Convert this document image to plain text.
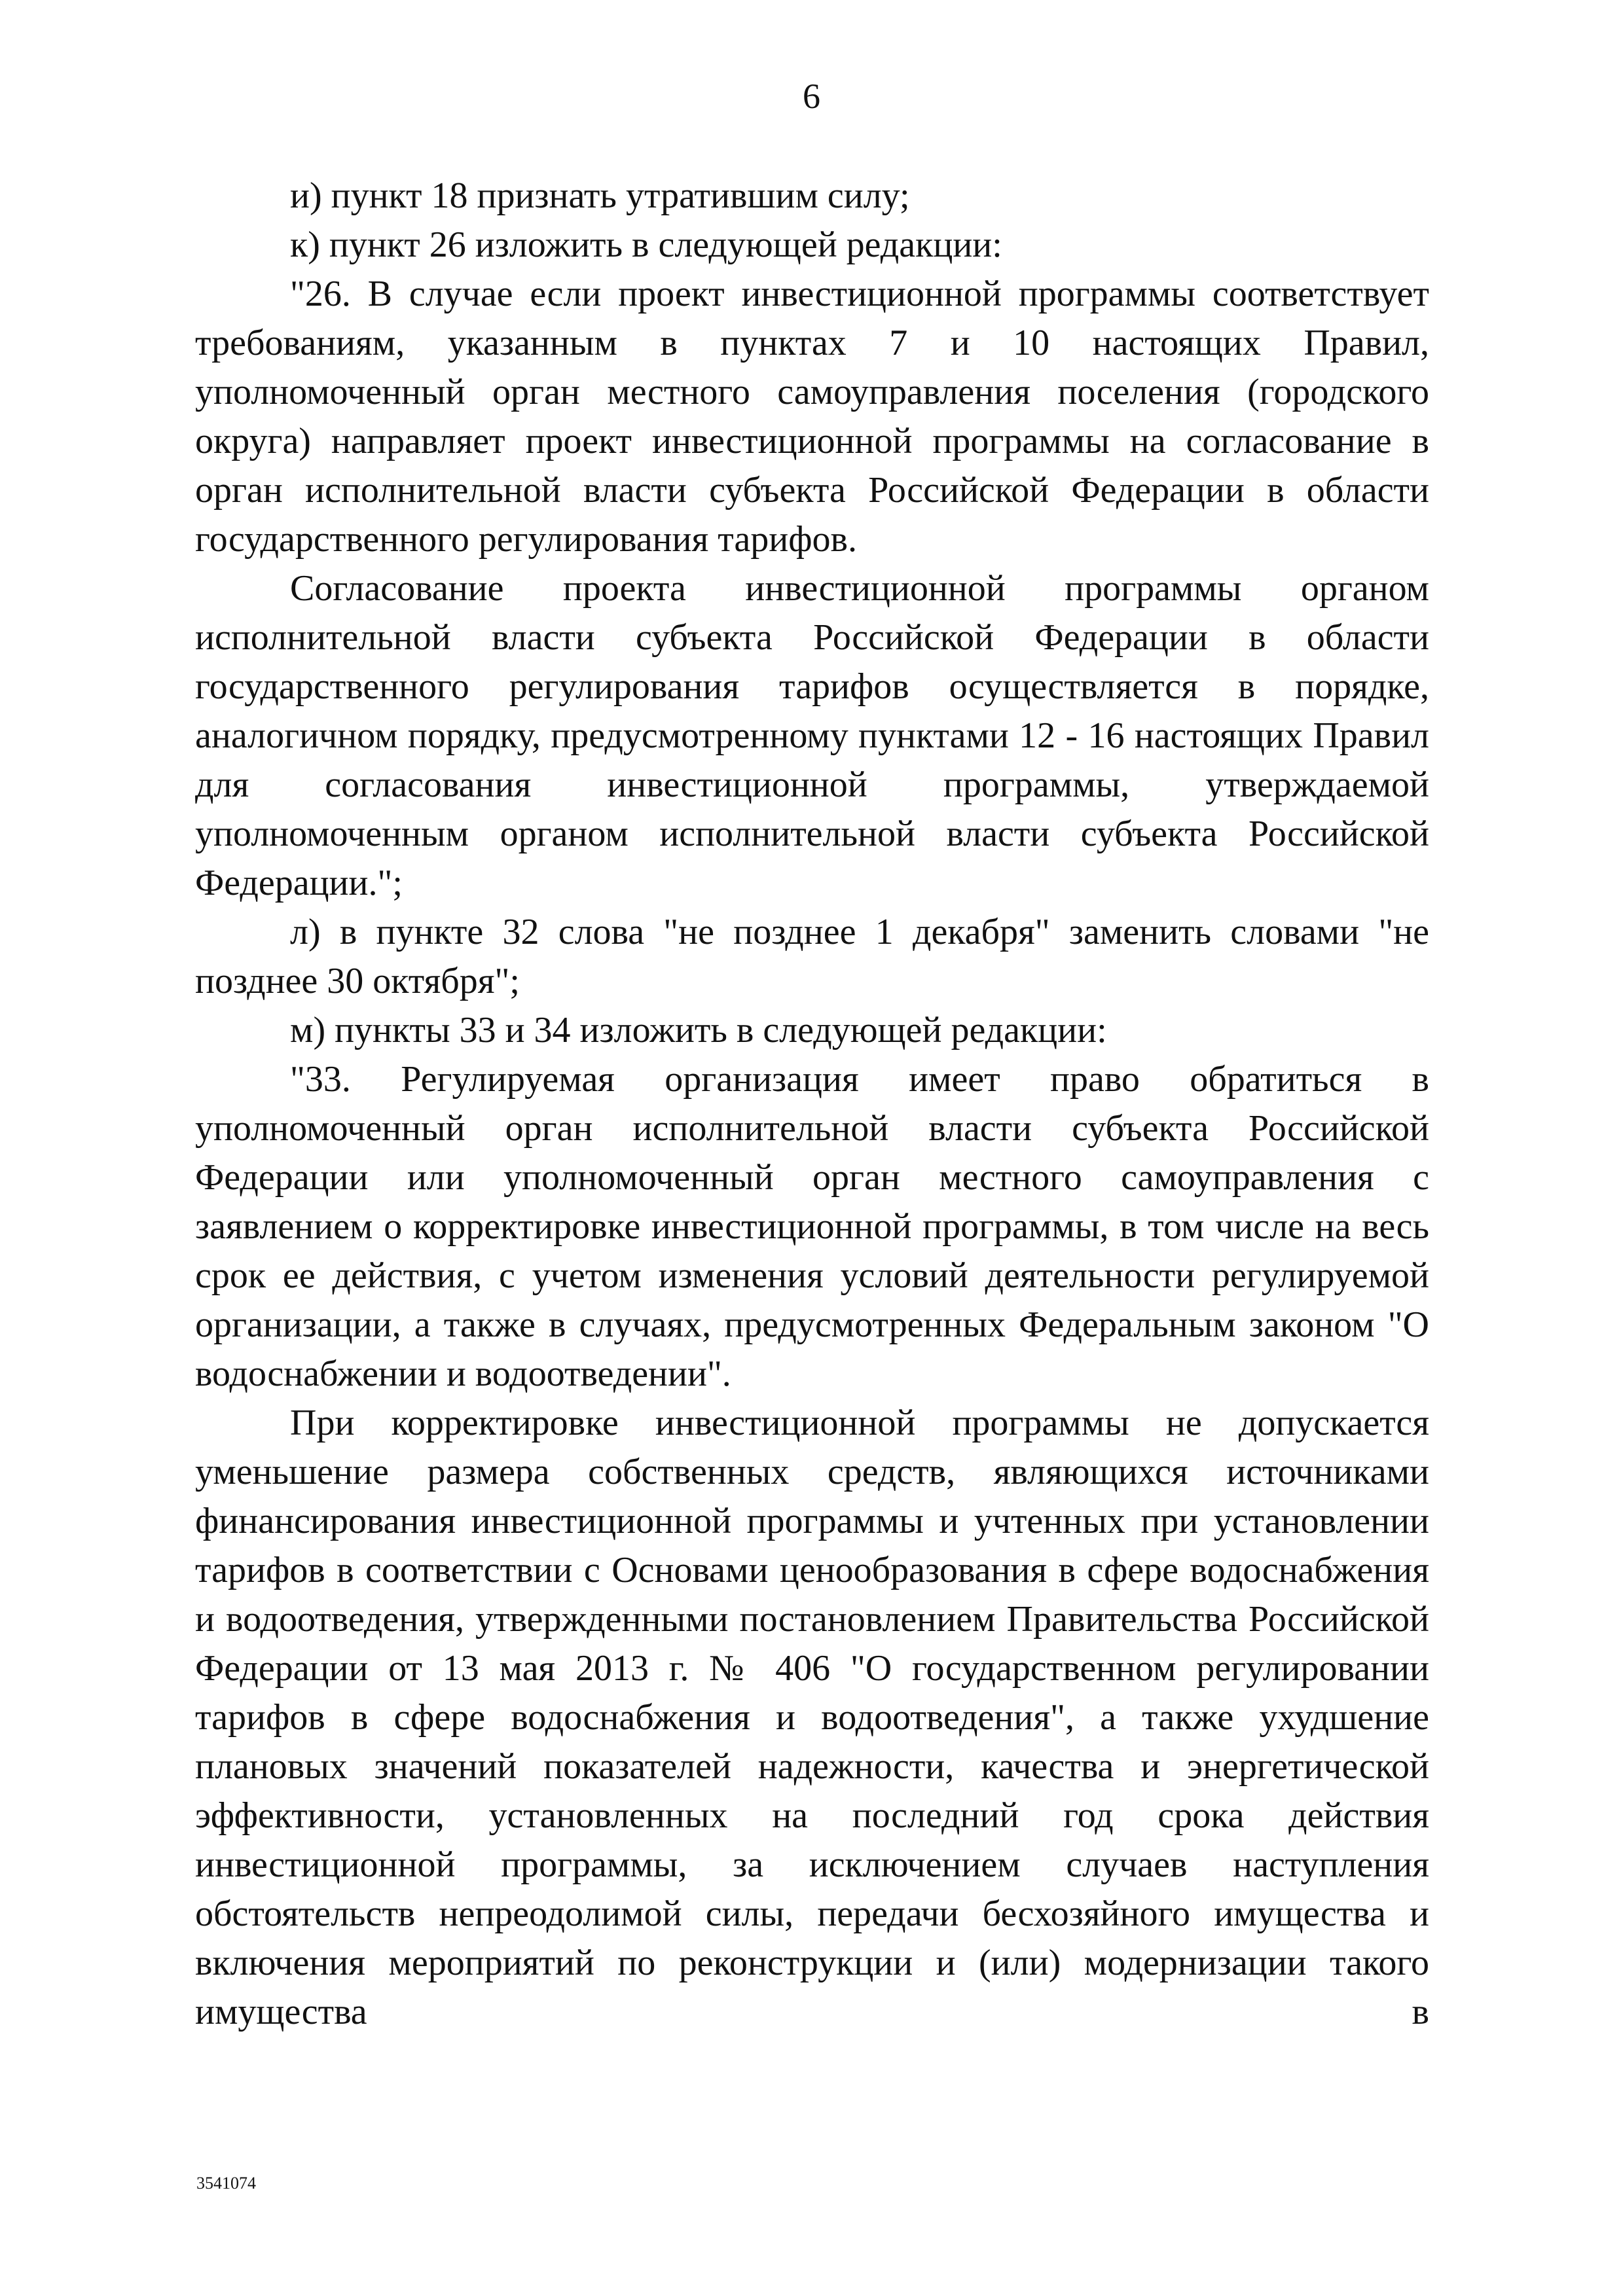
6

и) пункт 18 признать утратившим силу;

к) пункт 26 изложить в следующей редакции:

"26. В случае если проект инвестиционной программы соответствует требованиям, указанным в пунктах 7 и 10 настоящих Правил, уполномоченный орган местного самоуправления поселения (городского округа) направляет проект инвестиционной программы на согласование в орган исполнительной власти субъекта Российской Федерации в области государственного регулирования тарифов.

Согласование проекта инвестиционной программы органом исполнительной власти субъекта Российской Федерации в области государственного регулирования тарифов осуществляется в порядке, аналогичном порядку, предусмотренному пунктами 12 - 16 настоящих Правил для согласования инвестиционной программы, утверждаемой уполномоченным органом исполнительной власти субъекта Российской Федерации.";

л) в пункте 32 слова "не позднее 1 декабря" заменить словами "не позднее 30 октября";

м) пункты 33 и 34 изложить в следующей редакции:

"33. Регулируемая организация имеет право обратиться в уполномоченный орган исполнительной власти субъекта Российской Федерации или уполномоченный орган местного самоуправления с заявлением о корректировке инвестиционной программы, в том числе на весь срок ее действия, с учетом изменения условий деятельности регулируемой организации, а также в случаях, предусмотренных Федеральным законом "О водоснабжении и водоотведении".

При корректировке инвестиционной программы не допускается уменьшение размера собственных средств, являющихся источниками финансирования инвестиционной программы и учтенных при установлении тарифов в соответствии с Основами ценообразования в сфере водоснабжения и водоотведения, утвержденными постановлением Правительства Российской Федерации от 13 мая 2013 г. № 406 "О государственном регулировании тарифов в сфере водоснабжения и водоотведения", а также ухудшение плановых значений показателей надежности, качества и энергетической эффективности, установленных на последний год срока действия инвестиционной программы, за исключением случаев наступления обстоятельств непреодолимой силы, передачи бесхозяйного имущества и включения мероприятий по реконструкции и (или) модернизации такого имущества в

3541074
